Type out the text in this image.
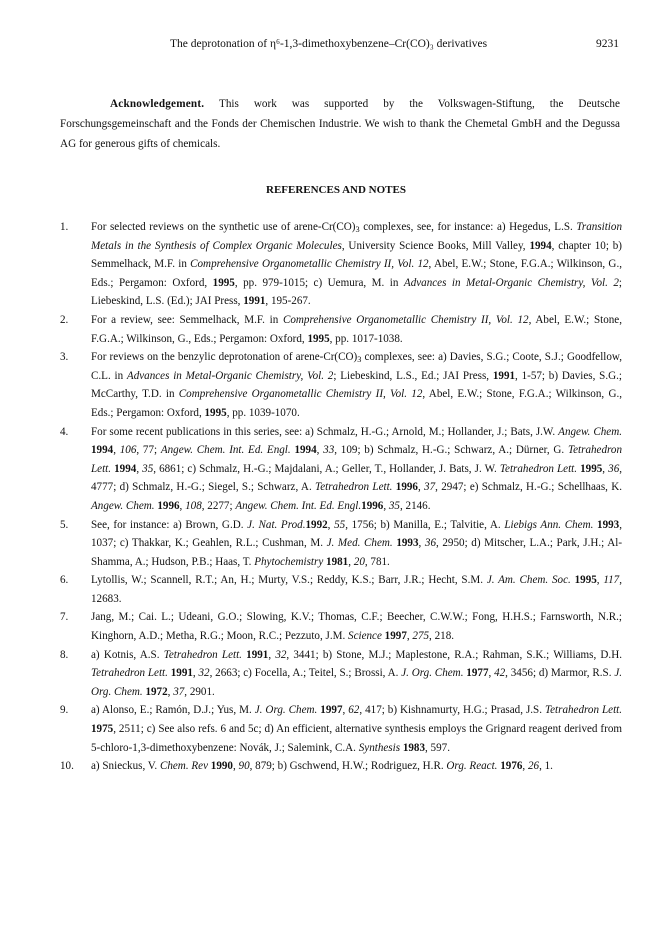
The deprotonation of η⁶-1,3-dimethoxybenzene–Cr(CO)₃ derivatives	9231
Acknowledgement. This work was supported by the Volkswagen-Stiftung, the Deutsche Forschungsgemeinschaft and the Fonds der Chemischen Industrie. We wish to thank the Chemetal GmbH and the Degussa AG for generous gifts of chemicals.
REFERENCES AND NOTES
1. For selected reviews on the synthetic use of arene-$Cr(CO)_3$ complexes, see, for instance: a) Hegedus, L.S. Transition Metals in the Synthesis of Complex Organic Molecules, University Science Books, Mill Valley, 1994, chapter 10; b) Semmelhack, M.F. in Comprehensive Organometallic Chemistry II, Vol. 12, Abel, E.W.; Stone, F.G.A.; Wilkinson, G., Eds.; Pergamon: Oxford, 1995, pp. 979-1015; c) Uemura, M. in Advances in Metal-Organic Chemistry, Vol. 2; Liebeskind, L.S. (Ed.); JAI Press, 1991, 195-267.
2. For a review, see: Semmelhack, M.F. in Comprehensive Organometallic Chemistry II, Vol. 12, Abel, E.W.; Stone, F.G.A.; Wilkinson, G., Eds.; Pergamon: Oxford, 1995, pp. 1017-1038.
3. For reviews on the benzylic deprotonation of arene-$Cr(CO)_3$ complexes, see: a) Davies, S.G.; Coote, S.J.; Goodfellow, C.L. in Advances in Metal-Organic Chemistry, Vol. 2; Liebeskind, L.S., Ed.; JAI Press, 1991, 1-57; b) Davies, S.G.; McCarthy, T.D. in Comprehensive Organometallic Chemistry II, Vol. 12, Abel, E.W.; Stone, F.G.A.; Wilkinson, G., Eds.; Pergamon: Oxford, 1995, pp. 1039-1070.
4. For some recent publications in this series, see: a) Schmalz, H.-G.; Arnold, M.; Hollander, J.; Bats, J.W. Angew. Chem. 1994, 106, 77; Angew. Chem. Int. Ed. Engl. 1994, 33, 109; b) Schmalz, H.-G.; Schwarz, A.; Dürner, G. Tetrahedron Lett. 1994, 35, 6861; c) Schmalz, H.-G.; Majdalani, A.; Geller, T., Hollander, J. Bats, J. W. Tetrahedron Lett. 1995, 36, 4777; d) Schmalz, H.-G.; Siegel, S.; Schwarz, A. Tetrahedron Lett. 1996, 37, 2947; e) Schmalz, H.-G.; Schellhaas, K. Angew. Chem. 1996, 108, 2277; Angew. Chem. Int. Ed. Engl.1996, 35, 2146.
5. See, for instance: a) Brown, G.D. J. Nat. Prod.1992, 55, 1756; b) Manilla, E.; Talvitie, A. Liebigs Ann. Chem. 1993, 1037; c) Thakkar, K.; Geahlen, R.L.; Cushman, M. J. Med. Chem. 1993, 36, 2950; d) Mitscher, L.A.; Park, J.H.; Al-Shamma, A.; Hudson, P.B.; Haas, T. Phytochemistry 1981, 20, 781.
6. Lytollis, W.; Scannell, R.T.; An, H.; Murty, V.S.; Reddy, K.S.; Barr, J.R.; Hecht, S.M. J. Am. Chem. Soc. 1995, 117, 12683.
7. Jang, M.; Cai. L.; Udeani, G.O.; Slowing, K.V.; Thomas, C.F.; Beecher, C.W.W.; Fong, H.H.S.; Farnsworth, N.R.; Kinghorn, A.D.; Metha, R.G.; Moon, R.C.; Pezzuto, J.M. Science 1997, 275, 218.
8. a) Kotnis, A.S. Tetrahedron Lett. 1991, 32, 3441; b) Stone, M.J.; Maplestone, R.A.; Rahman, S.K.; Williams, D.H. Tetrahedron Lett. 1991, 32, 2663; c) Focella, A.; Teitel, S.; Brossi, A. J. Org. Chem. 1977, 42, 3456; d) Marmor, R.S. J. Org. Chem. 1972, 37, 2901.
9. a) Alonso, E.; Ramón, D.J.; Yus, M. J. Org. Chem. 1997, 62, 417; b) Kishnamurty, H.G.; Prasad, J.S. Tetrahedron Lett. 1975, 2511; c) See also refs. 6 and 5c; d) An efficient, alternative synthesis employs the Grignard reagent derived from 5-chloro-1,3-dimethoxybenzene: Novák, J.; Salemink, C.A. Synthesis 1983, 597.
10. a) Snieckus, V. Chem. Rev 1990, 90, 879; b) Gschwend, H.W.; Rodriguez, H.R. Org. React. 1976, 26, 1.
